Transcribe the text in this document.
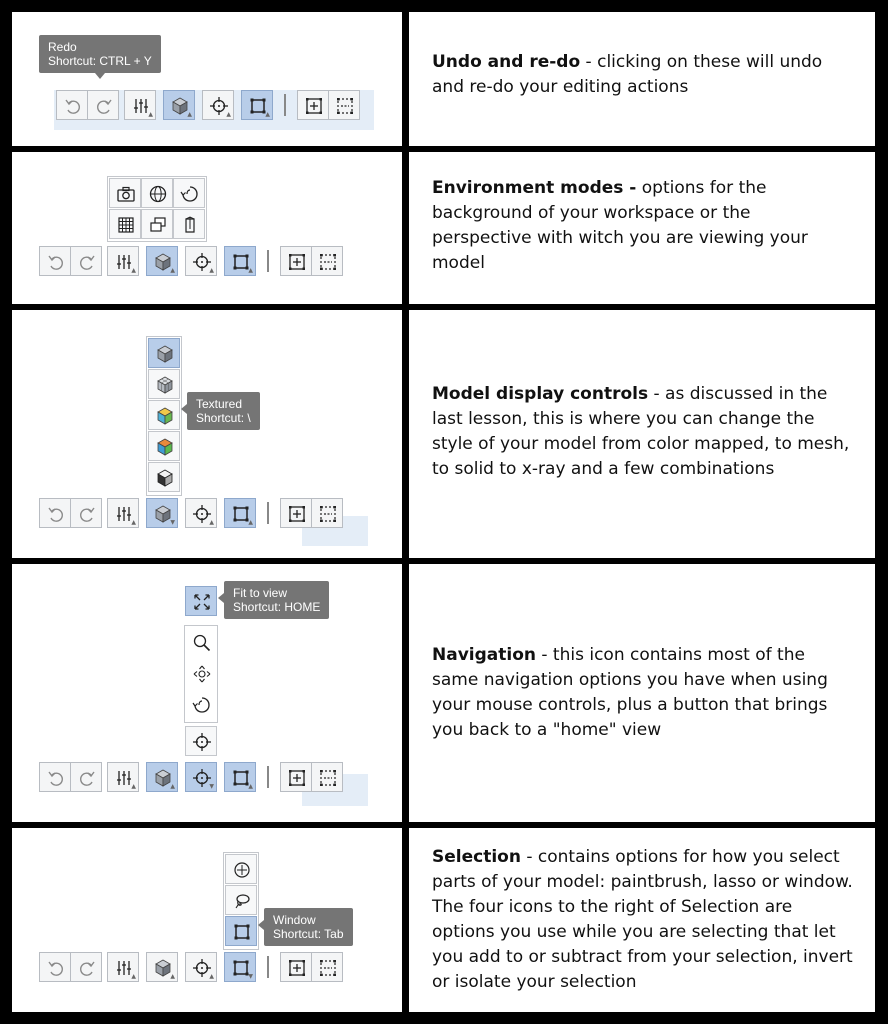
▲	▲	▲	▲
Redo
Shortcut: CTRL + Y	Undo and re-do - clicking on these will undo and re-do your editing actions
▲	▲	▲	▲
Environment modes - options for the background of your workspace or the perspective with witch you are viewing your model
▲	▼	▲	▲
Textured
Shortcut: \
Model display controls - as discussed in the last lesson, this is where you can change the style of your model from color mapped, to mesh, to solid to x-ray and a few combinations
▲	▲	▼	▲
Fit to view
Shortcut: HOME
Navigation - this icon contains most of the same navigation options you have when using your mouse controls, plus a button that brings you back to a "home" view
▲	▲	▲	▼
Window
Shortcut: Tab
Selection - contains options for how you select parts of your model: paintbrush, lasso or window. The four icons to the right of Selection are options you use while you are selecting that let you add to or subtract from your selection, invert or isolate your selection
